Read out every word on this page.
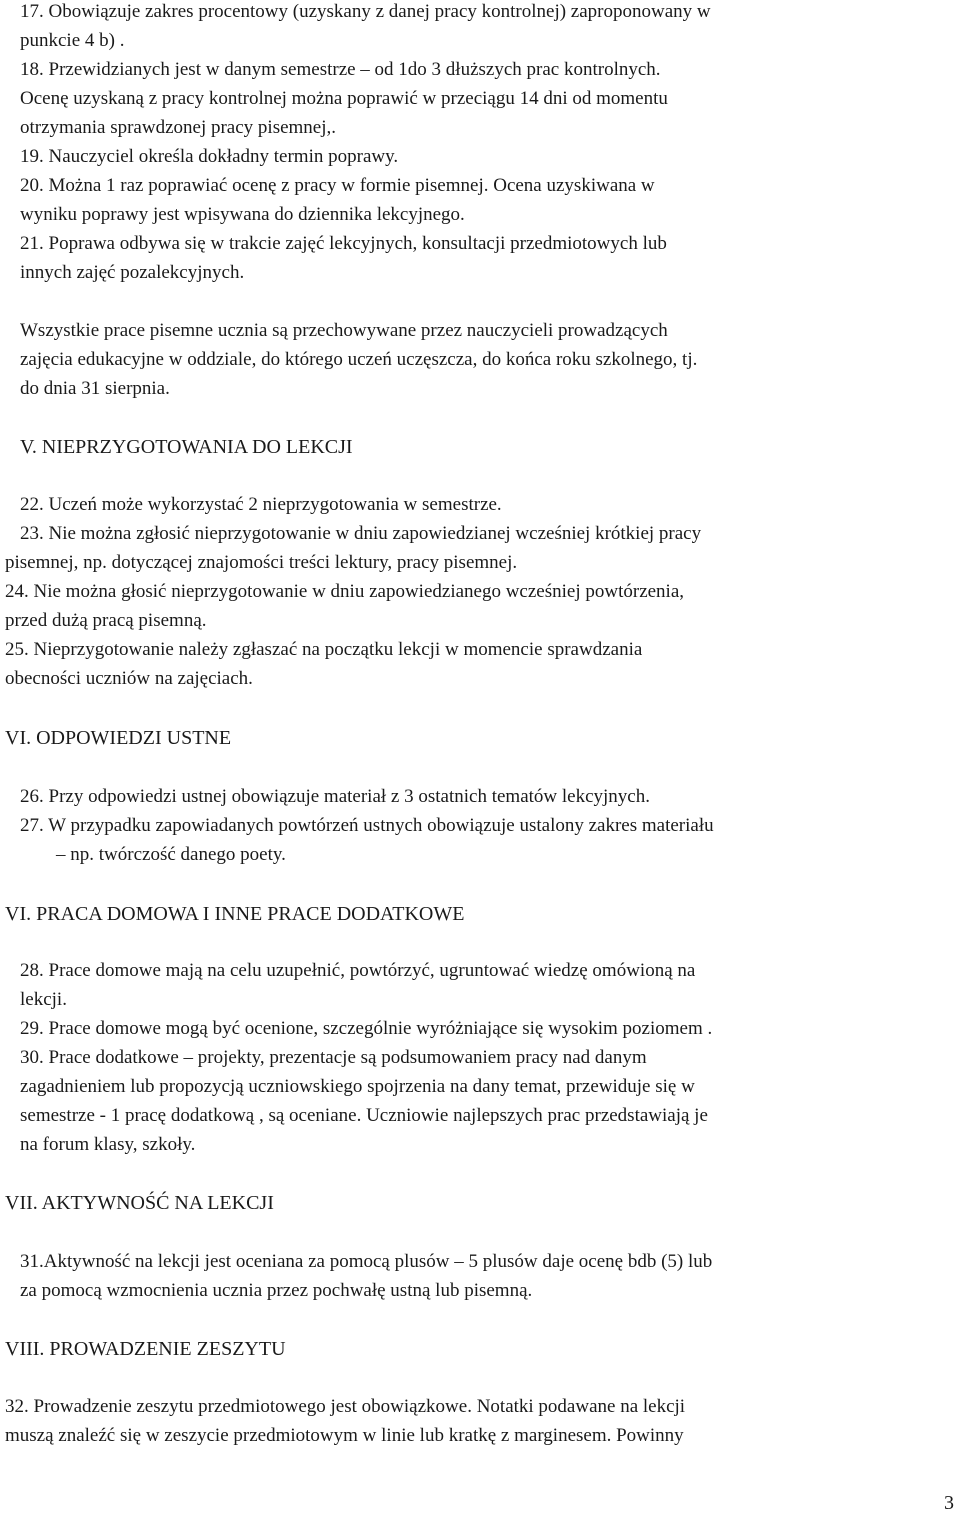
17. Obowiązuje zakres procentowy (uzyskany z danej pracy kontrolnej) zaproponowany w
punkcie 4 b) .
18. Przewidzianych jest w danym semestrze – od 1do 3 dłuższych prac kontrolnych.
Ocenę uzyskaną z pracy kontrolnej można poprawić w przeciągu 14 dni od momentu
otrzymania sprawdzonej pracy pisemnej,.
19. Nauczyciel określa dokładny termin poprawy.
20. Można 1 raz poprawiać ocenę z pracy w formie pisemnej. Ocena uzyskiwana w
wyniku poprawy jest wpisywana do dziennika lekcyjnego.
21. Poprawa odbywa się w trakcie zajęć lekcyjnych, konsultacji przedmiotowych lub
innych zajęć pozalekcyjnych.
Wszystkie prace pisemne ucznia są przechowywane przez nauczycieli prowadzących
zajęcia edukacyjne w oddziale, do którego uczeń uczęszcza, do końca roku szkolnego, tj.
do dnia 31 sierpnia.
V. NIEPRZYGOTOWANIA DO LEKCJI
22. Uczeń może wykorzystać 2 nieprzygotowania w semestrze.
23. Nie można zgłosić nieprzygotowanie w dniu zapowiedzianej wcześniej krótkiej pracy
pisemnej, np. dotyczącej znajomości treści lektury, pracy pisemnej.
24. Nie można głosić nieprzygotowanie w dniu zapowiedzianego wcześniej powtórzenia,
przed dużą pracą pisemną.
25. Nieprzygotowanie należy zgłaszać na początku lekcji w momencie sprawdzania
obecności uczniów na zajęciach.
VI. ODPOWIEDZI USTNE
26. Przy odpowiedzi ustnej obowiązuje materiał z 3 ostatnich tematów lekcyjnych.
27. W przypadku zapowiadanych powtórzeń ustnych obowiązuje ustalony zakres materiału
– np. twórczość danego poety.
VI. PRACA DOMOWA I INNE PRACE DODATKOWE
28. Prace domowe mają na celu uzupełnić, powtórzyć, ugruntować wiedzę omówioną na
lekcji.
29. Prace domowe mogą być ocenione, szczególnie wyróżniające się wysokim poziomem .
30. Prace dodatkowe – projekty, prezentacje są podsumowaniem pracy nad danym
zagadnieniem lub propozycją uczniowskiego spojrzenia na dany temat, przewiduje się w
semestrze - 1 pracę dodatkową , są oceniane. Uczniowie najlepszych prac przedstawiają je
na forum klasy, szkoły.
VII. AKTYWNOŚĆ NA LEKCJI
31.Aktywność na lekcji jest oceniana za pomocą plusów – 5 plusów daje ocenę bdb (5) lub
za pomocą wzmocnienia ucznia przez pochwałę ustną lub pisemną.
VIII. PROWADZENIE ZESZYTU
32. Prowadzenie zeszytu przedmiotowego jest obowiązkowe. Notatki podawane na lekcji
muszą znaleźć się w zeszycie przedmiotowym w linie lub kratkę z marginesem. Powinny
3
